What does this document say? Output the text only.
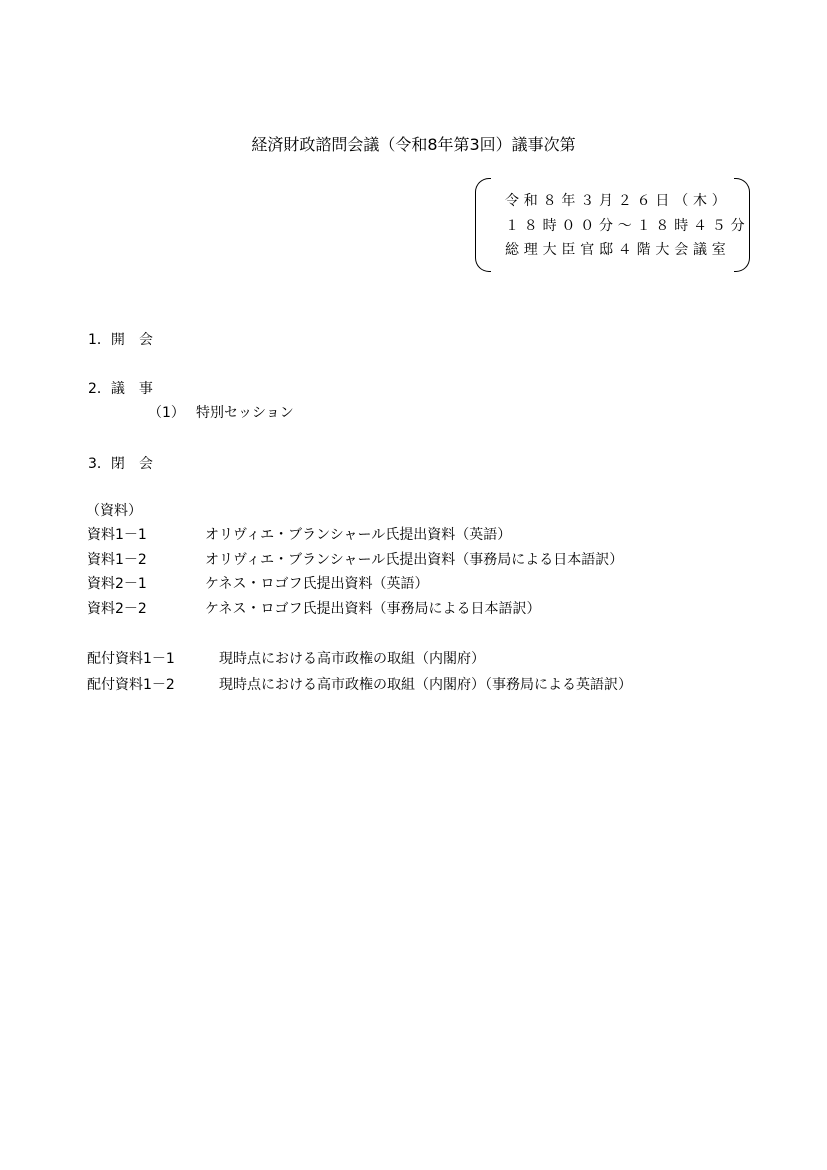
経済財政諮問会議（令和8年第3回）議事次第
令和８年３月２６日（木）
１８時００分～１８時４５分
総理大臣官邸４階大会議室
1．開　会
2．議　事
（1） 特別セッション
3．閉　会
（資料）
資料1－1	オリヴィエ・ブランシャール氏提出資料（英語）
資料1－2	オリヴィエ・ブランシャール氏提出資料（事務局による日本語訳）
資料2－1	ケネス・ロゴフ氏提出資料（英語）
資料2－2	ケネス・ロゴフ氏提出資料（事務局による日本語訳）
配付資料1－1	現時点における高市政権の取組（内閣府）
配付資料1－2	現時点における高市政権の取組（内閣府）（事務局による英語訳）
